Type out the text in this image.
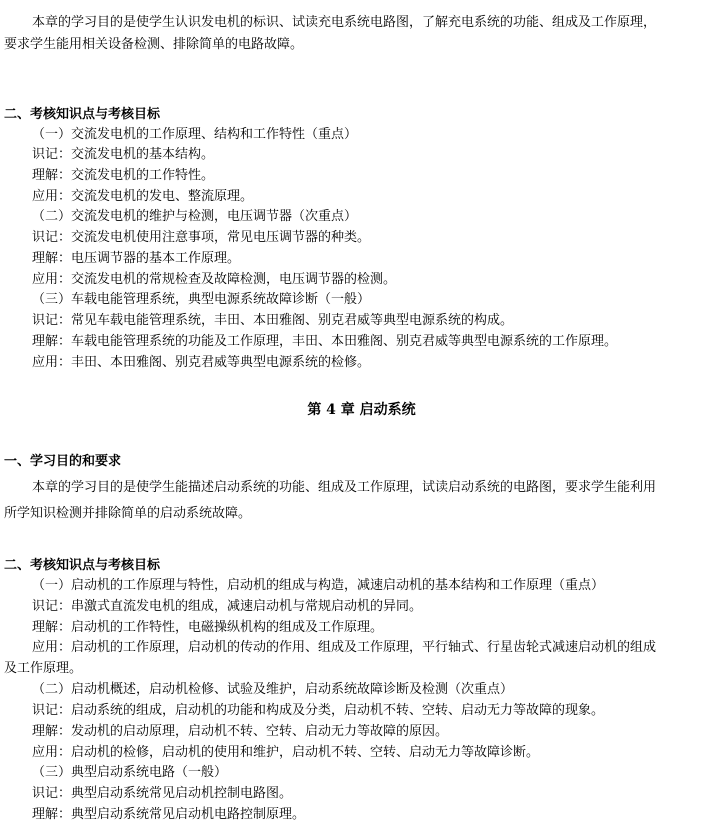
本章的学习目的是使学生认识发电机的标识、试读充电系统电路图，了解充电系统的功能、组成及工作原理，
要求学生能用相关设备检测、排除简单的电路故障。
二、考核知识点与考核目标
（一）交流发电机的工作原理、结构和工作特性（重点）
识记：交流发电机的基本结构。
理解：交流发电机的工作特性。
应用：交流发电机的发电、整流原理。
（二）交流发电机的维护与检测，电压调节器（次重点）
识记：交流发电机使用注意事项，常见电压调节器的种类。
理解：电压调节器的基本工作原理。
应用：交流发电机的常规检查及故障检测，电压调节器的检测。
（三）车载电能管理系统，典型电源系统故障诊断（一般）
识记：常见车载电能管理系统，丰田、本田雅阁、别克君威等典型电源系统的构成。
理解：车载电能管理系统的功能及工作原理，丰田、本田雅阁、别克君威等典型电源系统的工作原理。
应用：丰田、本田雅阁、别克君威等典型电源系统的检修。
第 4 章 启动系统
一、学习目的和要求
本章的学习目的是使学生能描述启动系统的功能、组成及工作原理，试读启动系统的电路图，要求学生能利用
所学知识检测并排除简单的启动系统故障。
二、考核知识点与考核目标
（一）启动机的工作原理与特性，启动机的组成与构造，减速启动机的基本结构和工作原理（重点）
识记：串激式直流发电机的组成，减速启动机与常规启动机的异同。
理解：启动机的工作特性，电磁操纵机构的组成及工作原理。
应用：启动机的工作原理，启动机的传动的作用、组成及工作原理，平行轴式、行星齿轮式减速启动机的组成
及工作原理。
（二）启动机概述，启动机检修、试验及维护，启动系统故障诊断及检测（次重点）
识记：启动系统的组成，启动机的功能和构成及分类，启动机不转、空转、启动无力等故障的现象。
理解：发动机的启动原理，启动机不转、空转、启动无力等故障的原因。
应用：启动机的检修，启动机的使用和维护，启动机不转、空转、启动无力等故障诊断。
（三）典型启动系统电路（一般）
识记：典型启动系统常见启动机控制电路图。
理解：典型启动系统常见启动机电路控制原理。
